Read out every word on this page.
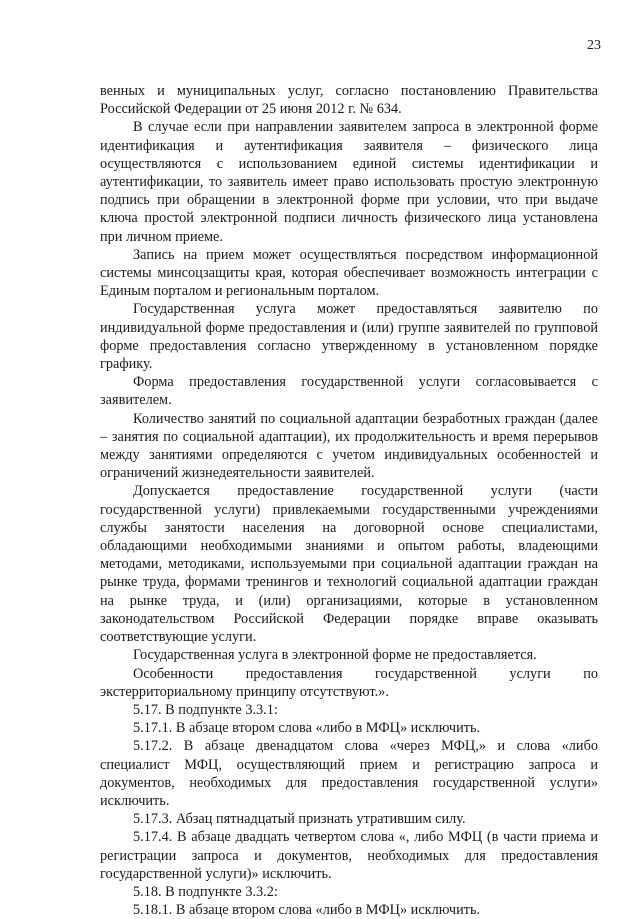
23

венных и муниципальных услуг, согласно постановлению Правительства Российской Федерации от 25 июня 2012 г. № 634.

В случае если при направлении заявителем запроса в электронной форме идентификация и аутентификация заявителя – физического лица осуществляются с использованием единой системы идентификации и аутентификации, то заявитель имеет право использовать простую электронную подпись при обращении в электронной форме при условии, что при выдаче ключа простой электронной подписи личность физического лица установлена при личном приеме.

Запись на прием может осуществляться посредством информационной системы минсоцзащиты края, которая обеспечивает возможность интеграции с Единым порталом и региональным порталом.

Государственная услуга может предоставляться заявителю по индивидуальной форме предоставления и (или) группе заявителей по групповой форме предоставления согласно утвержденному в установленном порядке графику.

Форма предоставления государственной услуги согласовывается с заявителем.

Количество занятий по социальной адаптации безработных граждан (далее – занятия по социальной адаптации), их продолжительность и время перерывов между занятиями определяются с учетом индивидуальных особенностей и ограничений жизнедеятельности заявителей.

Допускается предоставление государственной услуги (части государственной услуги) привлекаемыми государственными учреждениями службы занятости населения на договорной основе специалистами, обладающими необходимыми знаниями и опытом работы, владеющими методами, методиками, используемыми при социальной адаптации граждан на рынке труда, формами тренингов и технологий социальной адаптации граждан на рынке труда, и (или) организациями, которые в установленном законодательством Российской Федерации порядке вправе оказывать соответствующие услуги.

Государственная услуга в электронной форме не предоставляется.

Особенности предоставления государственной услуги по экстерриториальному принципу отсутствуют.».

5.17. В подпункте 3.3.1:

5.17.1. В абзаце втором слова «либо в МФЦ» исключить.

5.17.2. В абзаце двенадцатом слова «через МФЦ,» и слова «либо специалист МФЦ, осуществляющий прием и регистрацию запроса и документов, необходимых для предоставления государственной услуги» исключить.

5.17.3. Абзац пятнадцатый признать утратившим силу.

5.17.4. В абзаце двадцать четвертом слова «, либо МФЦ (в части приема и регистрации запроса и документов, необходимых для предоставления государственной услуги)» исключить.

5.18. В подпункте 3.3.2:

5.18.1. В абзаце втором слова «либо в МФЦ» исключить.
